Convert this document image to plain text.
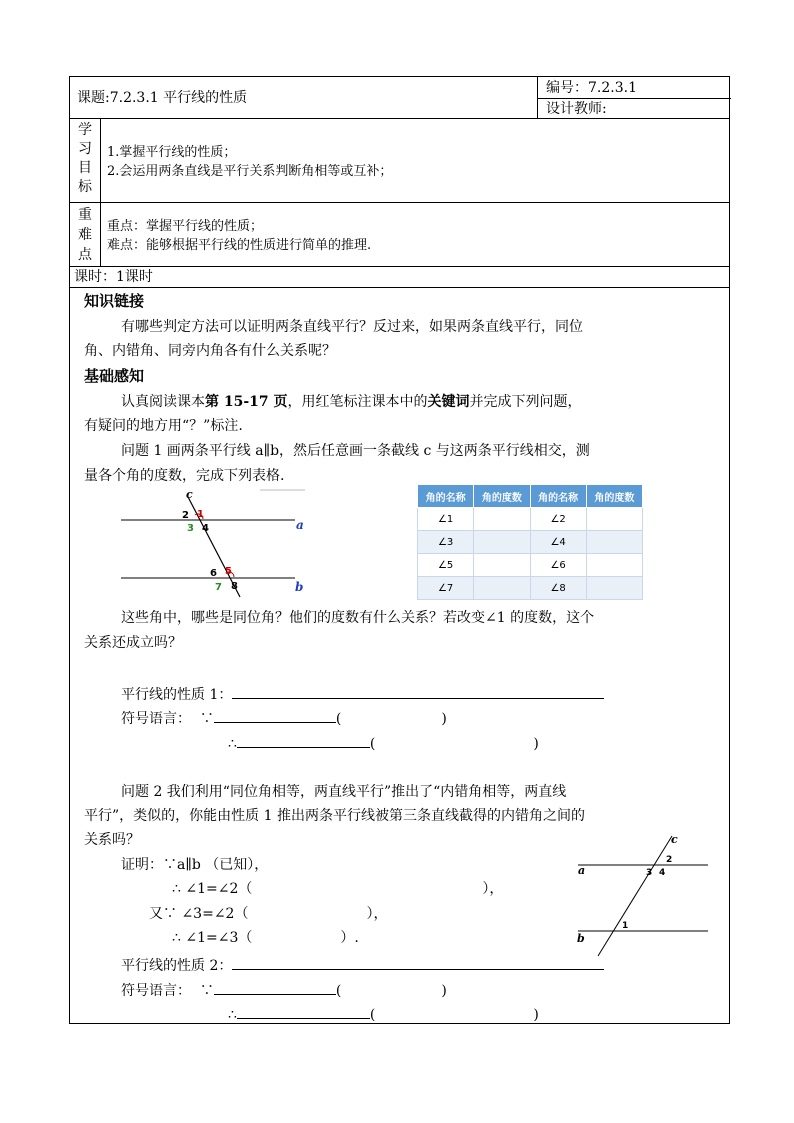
课题:7.2.3.1 平行线的性质
编号：7.2.3.1
设计教师:
学
习
目
标
1.掌握平行线的性质；
2.会运用两条直线是平行关系判断角相等或互补；
重
难
点
重点：掌握平行线的性质；
难点：能够根据平行线的性质进行简单的推理.
课时：1课时
知识链接
有哪些判定方法可以证明两条直线平行？反过来，如果两条直线平行，同位
角、内错角、同旁内角各有什么关系呢？
基础感知
认真阅读课本第 15-17 页，用红笔标注课本中的关键词并完成下列问题，
有疑问的地方用“？”标注.
问题 1 画两条平行线 a∥b，然后任意画一条截线 c 与这两条平行线相交，测
量各个角的度数，完成下列表格.
c
2 1
3 4	a
6 5
7 8	b
角的名称	角的度数	角的名称	角的度数
∠1		∠2	
∠3		∠4	
∠5		∠6	
∠7		∠8	
这些角中，哪些是同位角？他们的度数有什么关系？若改变∠1 的度数，这个
关系还成立吗？
平行线的性质 1：
符号语言： ∵	(	)
∴	(	)
问题 2 我们利用“同位角相等，两直线平行”推出了“内错角相等，两直线
平行”，类似的，你能由性质 1 推出两条平行线被第三条直线截得的内错角之间的
关系吗？
证明：∵a∥b （已知），
∴ ∠1=∠2（	），
又∵ ∠3=∠2（	），
∴ ∠1=∠3（	）.
平行线的性质 2：
符号语言： ∵	(	)
∴	(	)
c
2
3 4
a
1
b
